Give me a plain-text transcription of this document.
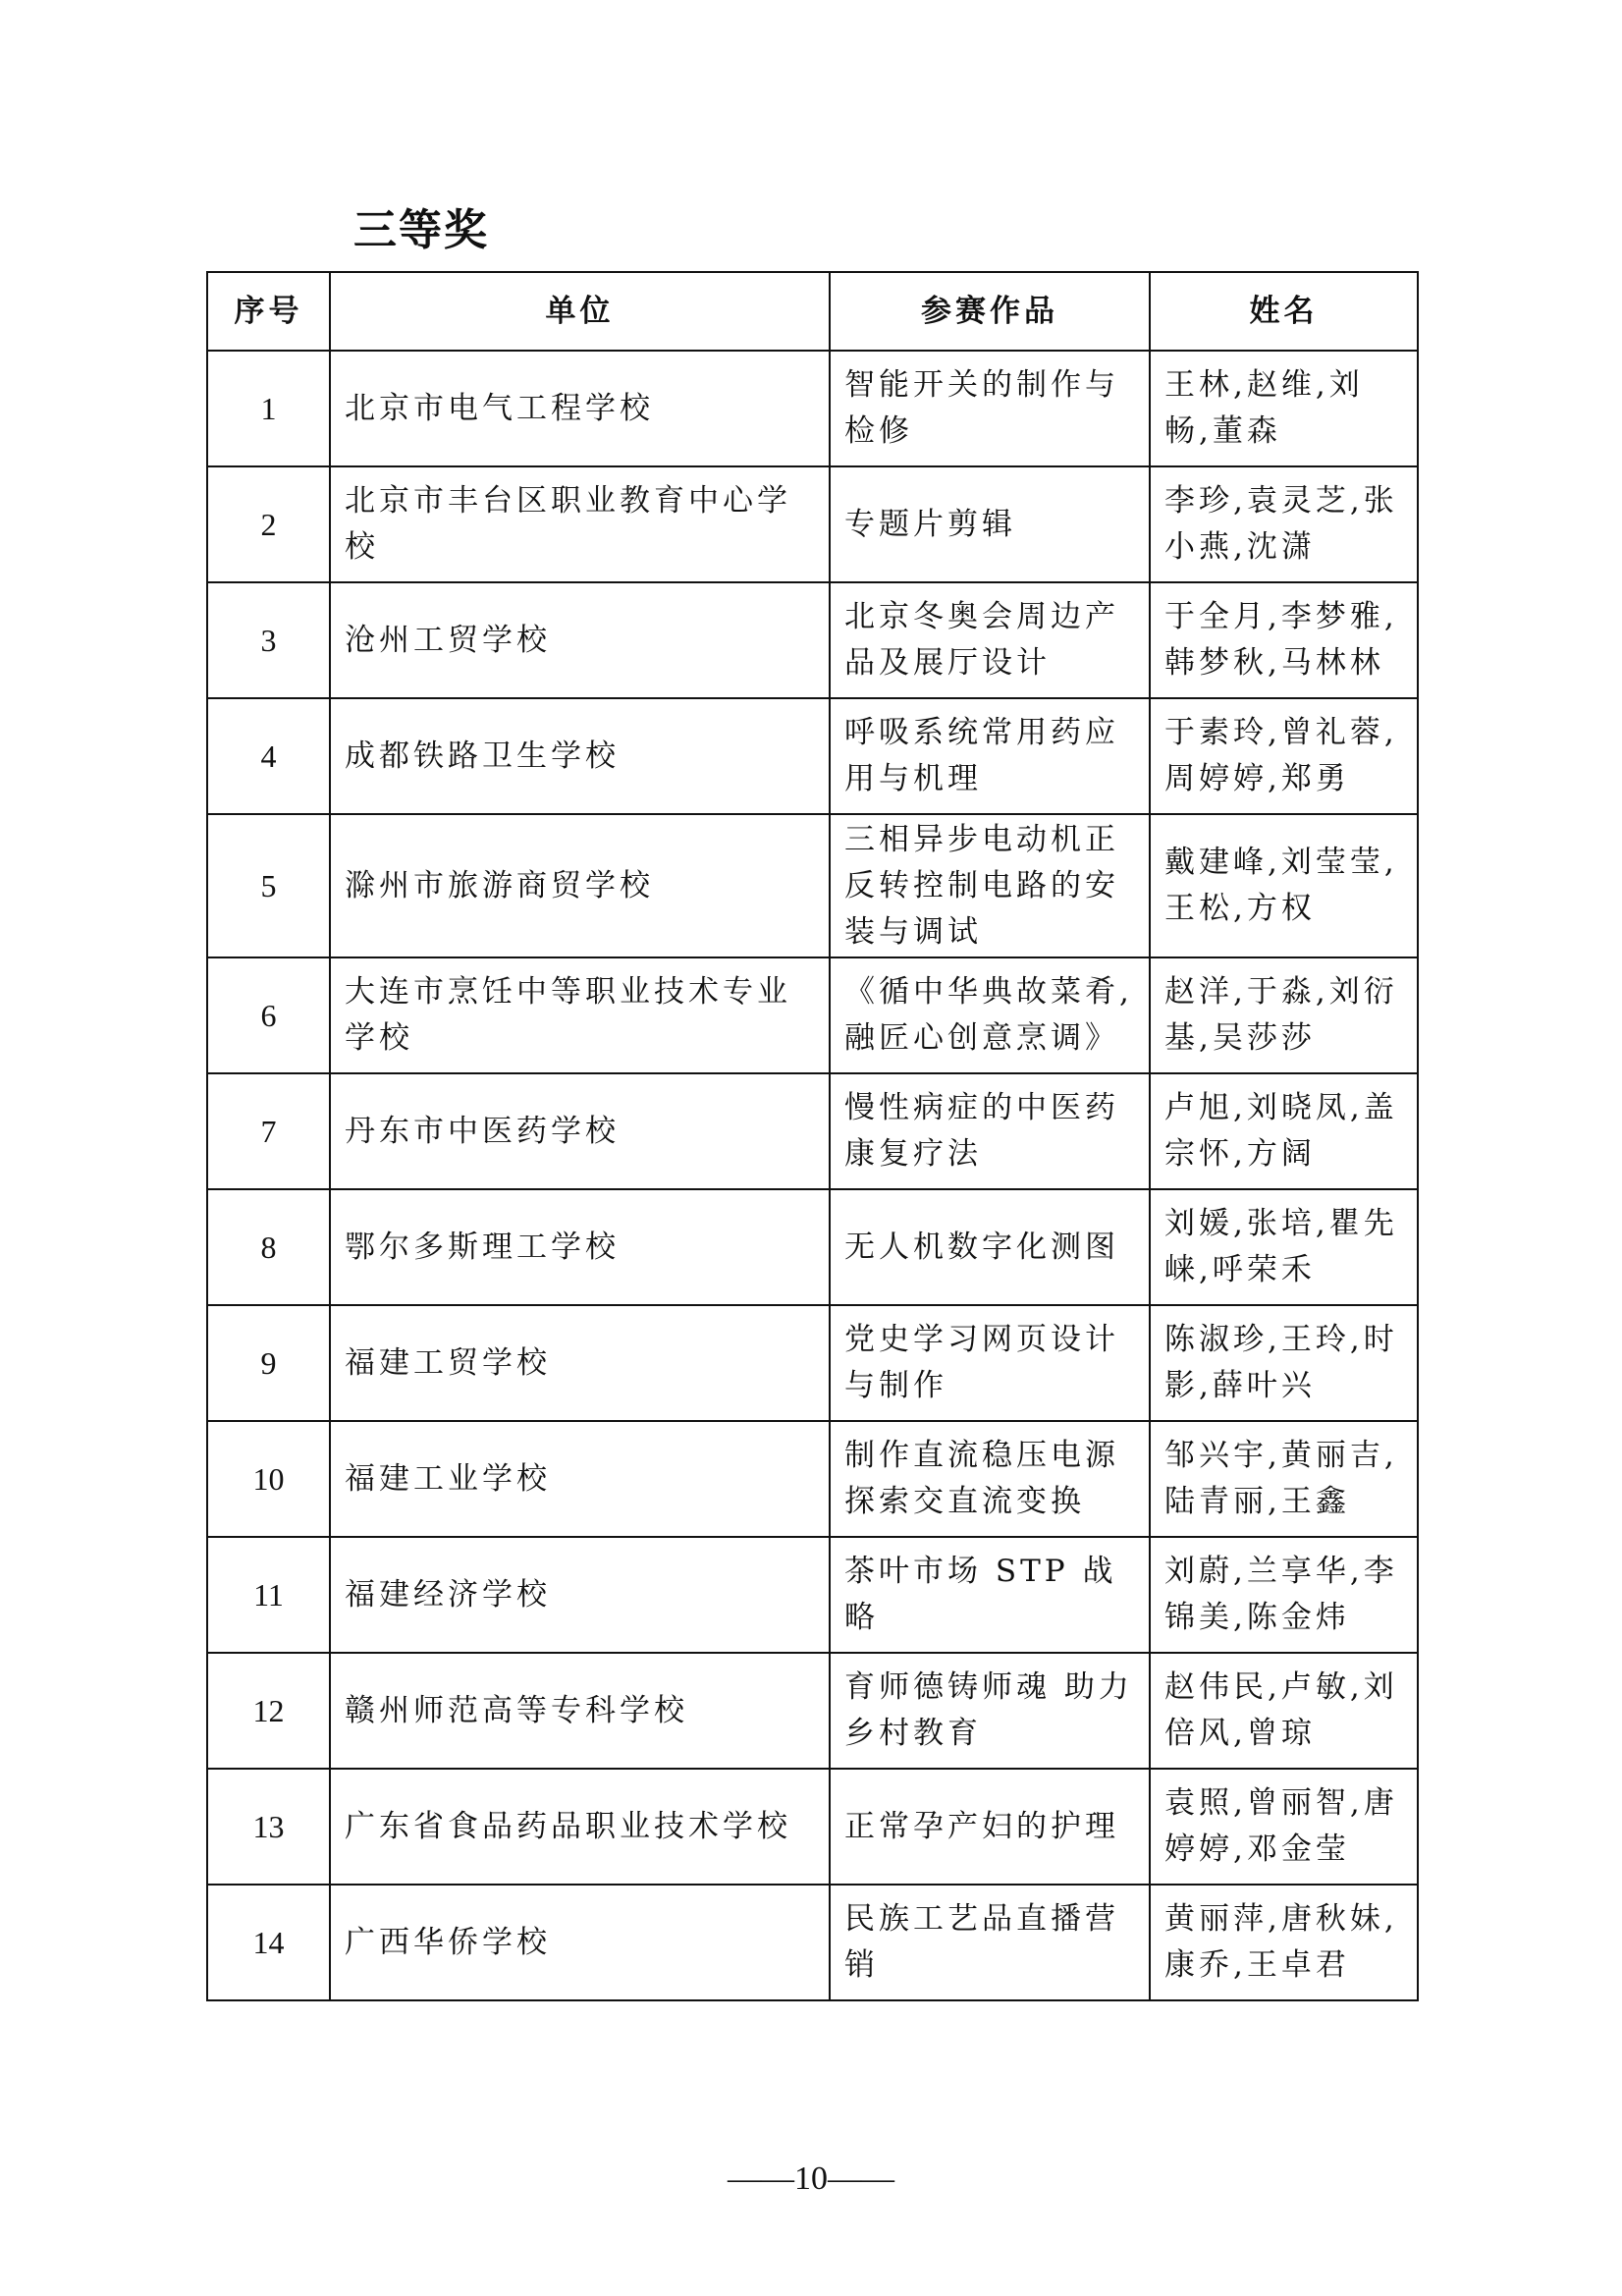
三等奖
序号	单位	参赛作品	姓名
1	北京市电气工程学校	智能开关的制作与检修	王林,赵维,刘畅,董森
2	北京市丰台区职业教育中心学校	专题片剪辑	李珍,袁灵芝,张小燕,沈潇
3	沧州工贸学校	北京冬奥会周边产品及展厅设计	于全月,李梦雅,韩梦秋,马林林
4	成都铁路卫生学校	呼吸系统常用药应用与机理	于素玲,曾礼蓉,周婷婷,郑勇
5	滁州市旅游商贸学校	三相异步电动机正反转控制电路的安装与调试	戴建峰,刘莹莹,王松,方权
6	大连市烹饪中等职业技术专业学校	《循中华典故菜肴,融匠心创意烹调》	赵洋,于淼,刘衍基,吴莎莎
7	丹东市中医药学校	慢性病症的中医药康复疗法	卢旭,刘晓凤,盖宗怀,方阔
8	鄂尔多斯理工学校	无人机数字化测图	刘媛,张培,瞿先崃,呼荣禾
9	福建工贸学校	党史学习网页设计与制作	陈淑珍,王玲,时影,薛叶兴
10	福建工业学校	制作直流稳压电源探索交直流变换	邹兴宇,黄丽吉,陆青丽,王鑫
11	福建经济学校	茶叶市场 STP 战略	刘蔚,兰享华,李锦美,陈金炜
12	赣州师范高等专科学校	育师德铸师魂 助力乡村教育	赵伟民,卢敏,刘倍风,曾琼
13	广东省食品药品职业技术学校	正常孕产妇的护理	袁照,曾丽智,唐婷婷,邓金莹
14	广西华侨学校	民族工艺品直播营销	黄丽萍,唐秋妹,康乔,王卓君
——10——
